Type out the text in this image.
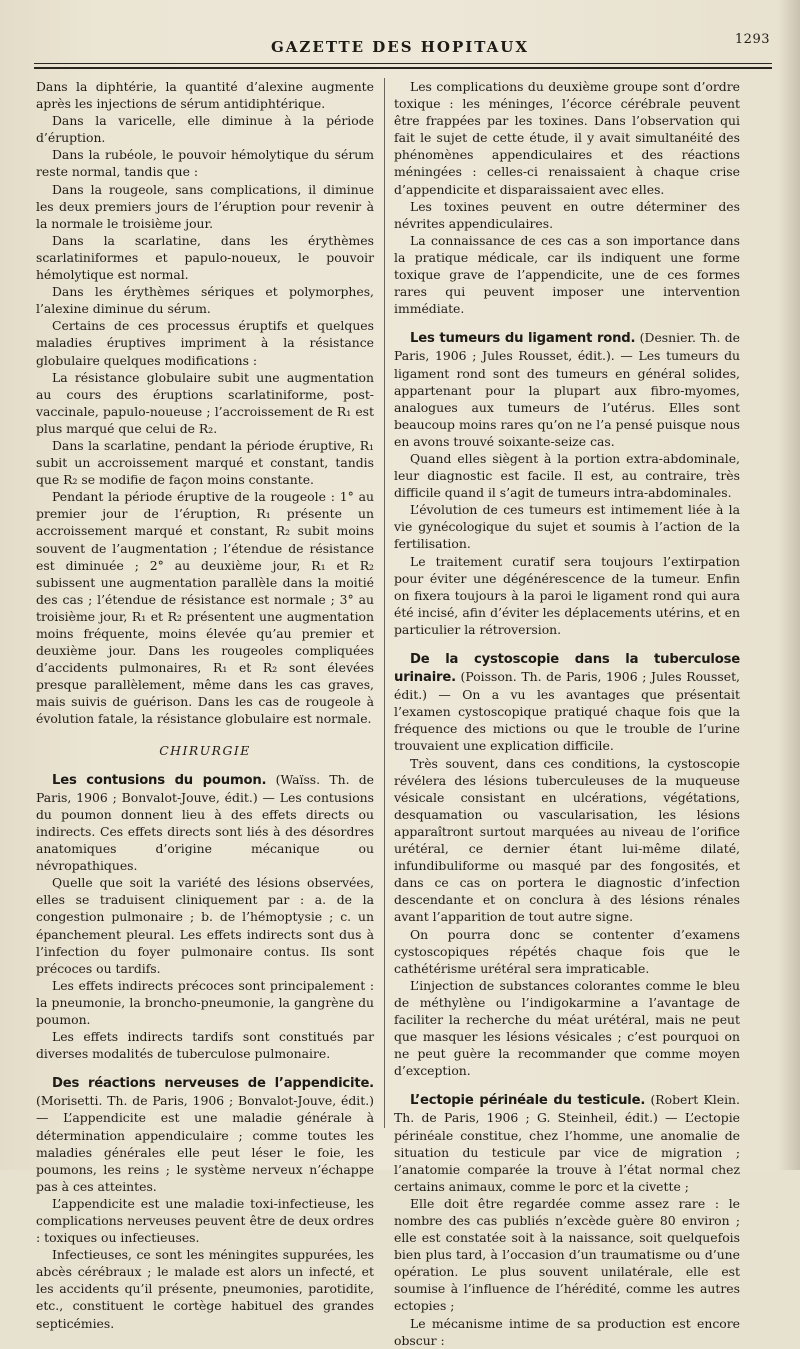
GAZETTE DES HOPITAUX	1293

Dans la diphtérie, la quantité d’alexine augmente après les injections de sérum antidiphtérique.

Dans la varicelle, elle diminue à la période d’éruption.

Dans la rubéole, le pouvoir hémolytique du sérum reste normal, tandis que :

Dans la rougeole, sans complications, il diminue les deux premiers jours de l’éruption pour revenir à la normale le troisième jour.

Dans la scarlatine, dans les érythèmes scarlatiniformes et papulo-noueux, le pouvoir hémolytique est normal.

Dans les érythèmes sériques et polymorphes, l’alexine diminue du sérum.

Certains de ces processus éruptifs et quelques maladies éruptives impriment à la résistance globulaire quelques modifications :

La résistance globulaire subit une augmentation au cours des éruptions scarlatiniforme, post-vaccinale, papulo-noueuse ; l’accroissement de R₁ est plus marqué que celui de R₂.

Dans la scarlatine, pendant la période éruptive, R₁ subit un accroissement marqué et constant, tandis que R₂ se modifie de façon moins constante.

Pendant la période éruptive de la rougeole : 1° au premier jour de l’éruption, R₁ présente un accroissement marqué et constant, R₂ subit moins souvent de l’augmentation ; l’étendue de résistance est diminuée ; 2° au deuxième jour, R₁ et R₂ subissent une augmentation parallèle dans la moitié des cas ; l’étendue de résistance est normale ; 3° au troisième jour, R₁ et R₂ présentent une augmentation moins fréquente, moins élevée qu’au premier et deuxième jour. Dans les rougeoles compliquées d’accidents pulmonaires, R₁ et R₂ sont élevées presque parallèlement, même dans les cas graves, mais suivis de guérison. Dans les cas de rougeole à évolution fatale, la résistance globulaire est normale.

CHIRURGIE

Les contusions du poumon. (Waïss. Th. de Paris, 1906 ; Bonvalot-Jouve, édit.) — Les contusions du poumon donnent lieu à des effets directs ou indirects. Ces effets directs sont liés à des désordres anatomiques d’origine mécanique ou névropathiques.

Quelle que soit la variété des lésions observées, elles se traduisent cliniquement par : a. de la congestion pulmonaire ; b. de l’hémoptysie ; c. un épanchement pleural. Les effets indirects sont dus à l’infection du foyer pulmonaire contus. Ils sont précoces ou tardifs.

Les effets indirects précoces sont principalement : la pneumonie, la broncho-pneumonie, la gangrène du poumon.

Les effets indirects tardifs sont constitués par diverses modalités de tuberculose pulmonaire.

Des réactions nerveuses de l’appendicite. (Morisetti. Th. de Paris, 1906 ; Bonvalot-Jouve, édit.) — L’appendicite est une maladie générale à détermination appendiculaire ; comme toutes les maladies générales elle peut léser le foie, les poumons, les reins ; le système nerveux n’échappe pas à ces atteintes.

L’appendicite est une maladie toxi-infectieuse, les complications nerveuses peuvent être de deux ordres : toxiques ou infectieuses.

Infectieuses, ce sont les méningites suppurées, les abcès cérébraux ; le malade est alors un infecté, et les accidents qu’il présente, pneumonies, parotidite, etc., constituent le cortège habituel des grandes septicémies.

Les complications du deuxième groupe sont d’ordre toxique : les méninges, l’écorce cérébrale peuvent être frappées par les toxines. Dans l’observation qui fait le sujet de cette étude, il y avait simultanéité des phénomènes appendiculaires et des réactions méningées : celles-ci renaissaient à chaque crise d’appendicite et disparaissaient avec elles.

Les toxines peuvent en outre déterminer des névrites appendiculaires.

La connaissance de ces cas a son importance dans la pratique médicale, car ils indiquent une forme toxique grave de l’appendicite, une de ces formes rares qui peuvent imposer une intervention immédiate.

Les tumeurs du ligament rond. (Desnier. Th. de Paris, 1906 ; Jules Rousset, édit.). — Les tumeurs du ligament rond sont des tumeurs en général solides, appartenant pour la plupart aux fibro-myomes, analogues aux tumeurs de l’utérus. Elles sont beaucoup moins rares qu’on ne l’a pensé puisque nous en avons trouvé soixante-seize cas.

Quand elles siègent à la portion extra-abdominale, leur diagnostic est facile. Il est, au contraire, très difficile quand il s’agit de tumeurs intra-abdominales.

L’évolution de ces tumeurs est intimement liée à la vie gynécologique du sujet et soumis à l’action de la fertilisation.

Le traitement curatif sera toujours l’extirpation pour éviter une dégénérescence de la tumeur. Enfin on fixera toujours à la paroi le ligament rond qui aura été incisé, afin d’éviter les déplacements utérins, et en particulier la rétroversion.

De la cystoscopie dans la tuberculose urinaire. (Poisson. Th. de Paris, 1906 ; Jules Rousset, édit.) — On a vu les avantages que présentait l’examen cystoscopique pratiqué chaque fois que la fréquence des mictions ou que le trouble de l’urine trouvaient une explication difficile.

Très souvent, dans ces conditions, la cystoscopie révélera des lésions tuberculeuses de la muqueuse vésicale consistant en ulcérations, végétations, desquamation ou vascularisation, les lésions apparaîtront surtout marquées au niveau de l’orifice urétéral, ce dernier étant lui-même dilaté, infundibuliforme ou masqué par des fongosités, et dans ce cas on portera le diagnostic d’infection descendante et on conclura à des lésions rénales avant l’apparition de tout autre signe.

On pourra donc se contenter d’examens cystoscopiques répétés chaque fois que le cathétérisme urétéral sera impraticable.

L’injection de substances colorantes comme le bleu de méthylène ou l’indigokarmine a l’avantage de faciliter la recherche du méat urétéral, mais ne peut que masquer les lésions vésicales ; c’est pourquoi on ne peut guère la recommander que comme moyen d’exception.

L’ectopie périnéale du testicule. (Robert Klein. Th. de Paris, 1906 ; G. Steinheil, édit.) — L’ectopie périnéale constitue, chez l’homme, une anomalie de situation du testicule par vice de migration ; l’anatomie comparée la trouve à l’état normal chez certains animaux, comme le porc et la civette ;

Elle doit être regardée comme assez rare : le nombre des cas publiés n’excède guère 80 environ ; elle est constatée soit à la naissance, soit quelquefois bien plus tard, à l’occasion d’un traumatisme ou d’une opération. Le plus souvent unilatérale, elle est soumise à l’influence de l’hérédité, comme les autres ectopies ;

Le mécanisme intime de sa production est encore obscur :
